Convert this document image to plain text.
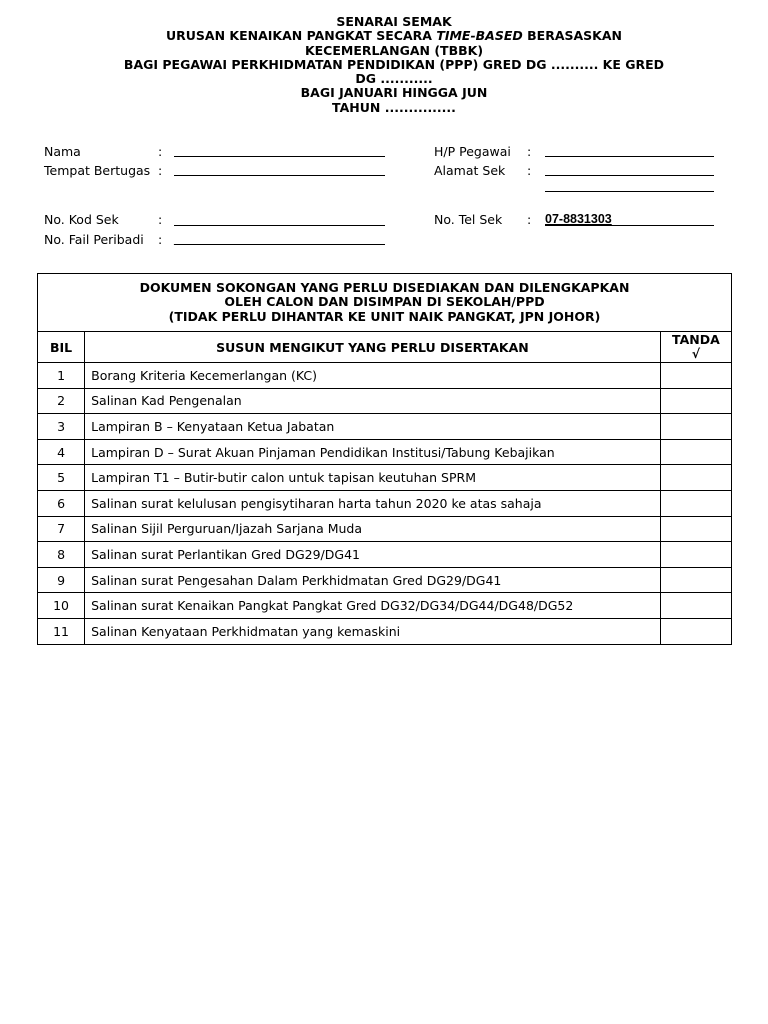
SENARAI SEMAK
URUSAN KENAIKAN PANGKAT SECARA TIME-BASED BERASASKAN
KECEMERLANGAN (TBBK)
BAGI PEGAWAI PERKHIDMATAN PENDIDIKAN (PPP) GRED DG .......... KE GRED
DG ...........
BAGI JANUARI HINGGA JUN
TAHUN ...............
Nama	:
Tempat Bertugas :
No. Kod Sek	:
No. Fail Peribadi : _
H/P Pegawai :
Alamat Sek :
No. Tel Sek : 07-8831303
DOKUMEN SOKONGAN YANG PERLU DISEDIAKAN DAN DILENGKAPKAN
OLEH CALON DAN DISIMPAN DI SEKOLAH/PPD
(TIDAK PERLU DIHANTAR KE UNIT NAIK PANGKAT, JPN JOHOR)		

BIL	SUSUN MENGIKUT YANG PERLU DISERTAKAN	TANDA
√

1	Borang Kriteria Kecemerlangan (KC)	
2	Salinan Kad Pengenalan	
3	Lampiran B – Kenyataan Ketua Jabatan	
4	Lampiran D – Surat Akuan Pinjaman Pendidikan Institusi/Tabung Kebajikan	
5	Lampiran T1 – Butir-butir calon untuk tapisan keutuhan SPRM	
6	Salinan surat kelulusan pengisytiharan harta tahun 2020 ke atas sahaja	
7	Salinan Sijil Perguruan/Ijazah Sarjana Muda	
8	Salinan surat Perlantikan Gred DG29/DG41	
9	Salinan surat Pengesahan Dalam Perkhidmatan Gred DG29/DG41	
10	Salinan surat Kenaikan Pangkat Pangkat Gred DG32/DG34/DG44/DG48/DG52	
11	Salinan Kenyataan Perkhidmatan yang kemaskini	
